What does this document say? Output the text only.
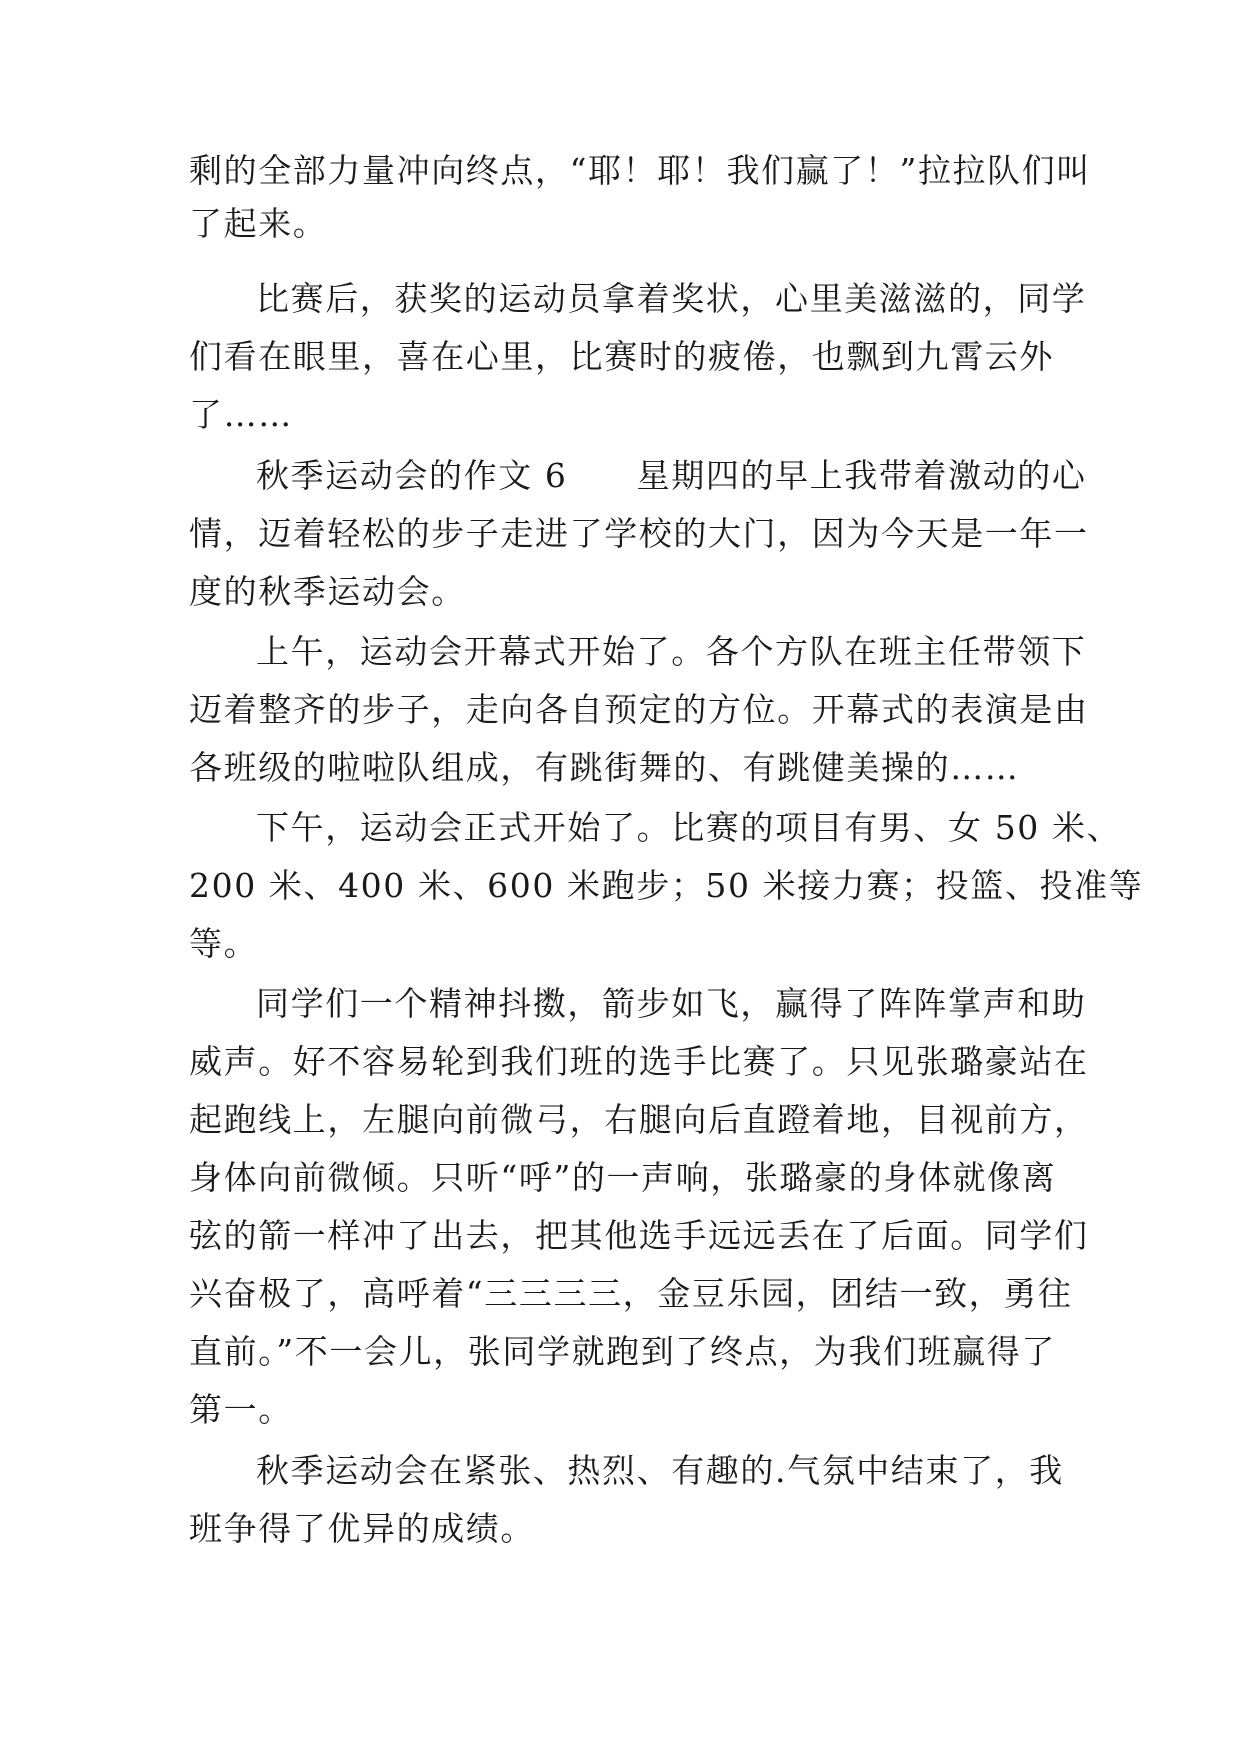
剩的全部力量冲向终点，“耶！耶！我们赢了！”拉拉队们叫
了起来。
比赛后，获奖的运动员拿着奖状，心里美滋滋的，同学
们看在眼里，喜在心里，比赛时的疲倦，也飘到九霄云外
了……
秋季运动会的作文 6　　星期四的早上我带着激动的心
情，迈着轻松的步子走进了学校的大门，因为今天是一年一
度的秋季运动会。
上午，运动会开幕式开始了。各个方队在班主任带领下
迈着整齐的步子，走向各自预定的方位。开幕式的表演是由
各班级的啦啦队组成，有跳街舞的、有跳健美操的……
下午，运动会正式开始了。比赛的项目有男、女 50 米、
200 米、400 米、600 米跑步；50 米接力赛；投篮、投准等
等。
同学们一个精神抖擞，箭步如飞，赢得了阵阵掌声和助
威声。好不容易轮到我们班的选手比赛了。只见张璐豪站在
起跑线上，左腿向前微弓，右腿向后直蹬着地，目视前方，
身体向前微倾。只听“呼”的一声响，张璐豪的身体就像离
弦的箭一样冲了出去，把其他选手远远丢在了后面。同学们
兴奋极了，高呼着“三三三三，金豆乐园，团结一致，勇往
直前。”不一会儿，张同学就跑到了终点，为我们班赢得了
第一。
秋季运动会在紧张、热烈、有趣的.气氛中结束了，我
班争得了优异的成绩。
